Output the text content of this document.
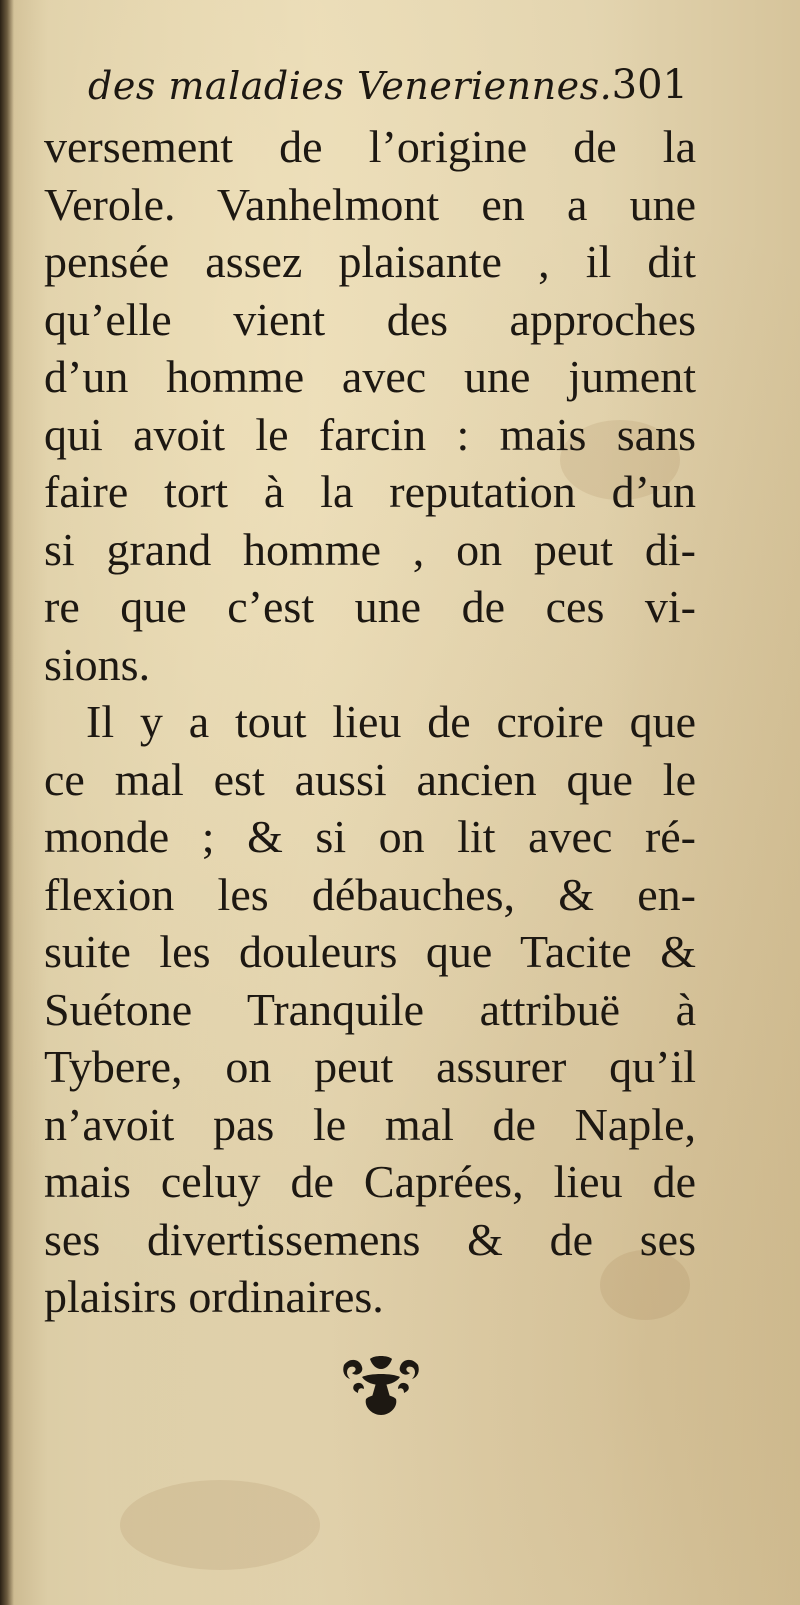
des maladies Veneriennes. 301
versement de l’origine de la
Verole. Vanhelmont en a une
pensée assez plaisante , il dit
qu’elle vient des approches
d’un homme avec une jument
qui avoit le farcin : mais sans
faire tort à la reputation d’un
si grand homme , on peut di-
re que c’est une de ces vi-
sions.
Il y a tout lieu de croire que
ce mal est aussi ancien que le
monde ; & si on lit avec ré-
flexion les débauches, & en-
suite les douleurs que Tacite &
Suétone Tranquile attribuë à
Tybere, on peut assurer qu’il
n’avoit pas le mal de Naple,
mais celuy de Caprées, lieu de
ses divertissemens & de ses
plaisirs ordinaires.
